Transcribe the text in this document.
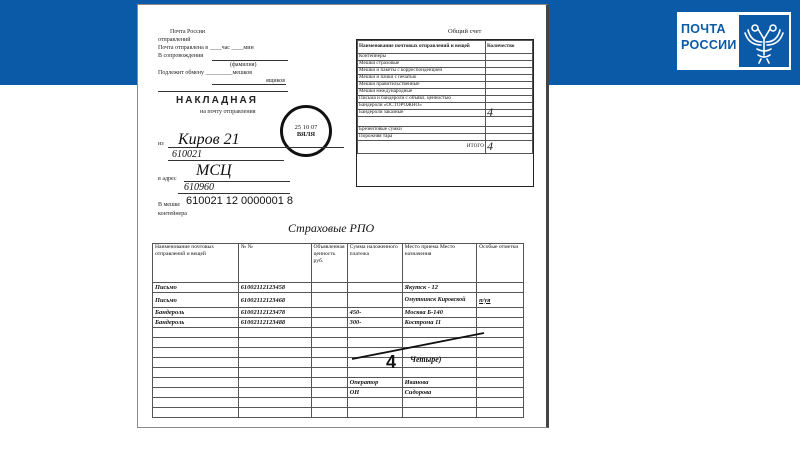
ПОЧТА
РОССИИ
Почта России
отправлений
Почта отправлена в ____час ____мин
В сопровождении
(фамилия)
Подлежит обмену _________мешков
ящиков
Общий счет
Наименование почтовых отправлений и вещей	Количество
Контейнеры	
Мешки страховые	
Мешки и пакеты с корреспонденцией	
Мешки и пачки с печатью	
Мешки правительственные	
Мешки международные	
Письма и бандероли с объявл. ценностью	
Бандероли «ОСТОРОЖНО»	
Бандероли заказные	4

Брезентовые сумки	
Порожняя тара	
ИТОГО	4
НАКЛАДНАЯ
на почту отправления
25 10 07
ВЯЛЯ
из Киров 21
610021
в адрес МСЦ
610960
В мешке 610021 12 0000001 8
контейнера
Страховые РПО
Наименование почтовых отправлений и вещей	№ №	Объявленная ценность руб.	Сумма наложенного платежа	Место приема Место назначения	Особые отметки
Письмо	61002112123458			Якутск - 12	
Письмо	61002112123468			Омутнинск Кировской	п/уя
Бандероль	61002112123478		450-	Москва Б-140	
Бандероль	61002112123488		300-	Кострома 11	

			Оператор	Иванова	
			ОН	Сидорова	

4 Четыре)
